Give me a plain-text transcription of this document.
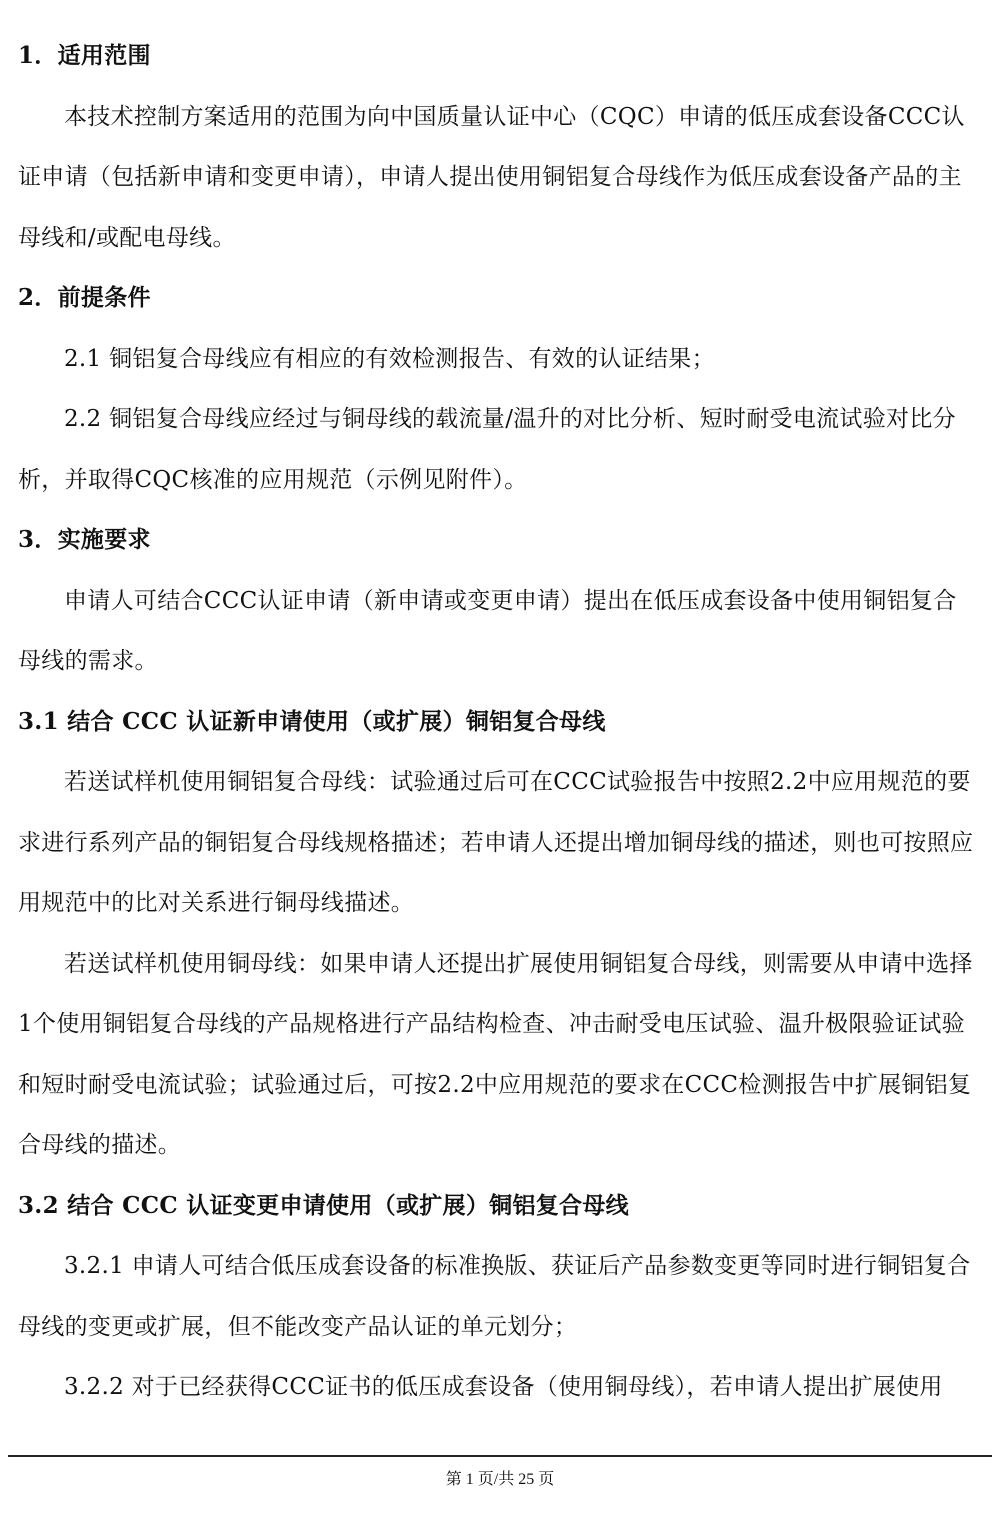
1．适用范围

本技术控制方案适用的范围为向中国质量认证中心（CQC）申请的低压成套设备CCC认证申请（包括新申请和变更申请），申请人提出使用铜铝复合母线作为低压成套设备产品的主母线和/或配电母线。

2．前提条件

2.1 铜铝复合母线应有相应的有效检测报告、有效的认证结果；

2.2 铜铝复合母线应经过与铜母线的载流量/温升的对比分析、短时耐受电流试验对比分析，并取得CQC核准的应用规范（示例见附件）。

3．实施要求

申请人可结合CCC认证申请（新申请或变更申请）提出在低压成套设备中使用铜铝复合母线的需求。

3.1 结合 CCC 认证新申请使用（或扩展）铜铝复合母线

若送试样机使用铜铝复合母线：试验通过后可在CCC试验报告中按照2.2中应用规范的要求进行系列产品的铜铝复合母线规格描述；若申请人还提出增加铜母线的描述，则也可按照应用规范中的比对关系进行铜母线描述。

若送试样机使用铜母线：如果申请人还提出扩展使用铜铝复合母线，则需要从申请中选择1个使用铜铝复合母线的产品规格进行产品结构检查、冲击耐受电压试验、温升极限验证试验和短时耐受电流试验；试验通过后，可按2.2中应用规范的要求在CCC检测报告中扩展铜铝复合母线的描述。

3.2 结合 CCC 认证变更申请使用（或扩展）铜铝复合母线

3.2.1 申请人可结合低压成套设备的标准换版、获证后产品参数变更等同时进行铜铝复合母线的变更或扩展，但不能改变产品认证的单元划分；

3.2.2 对于已经获得CCC证书的低压成套设备（使用铜母线），若申请人提出扩展使用

第 1 页/共 25 页
